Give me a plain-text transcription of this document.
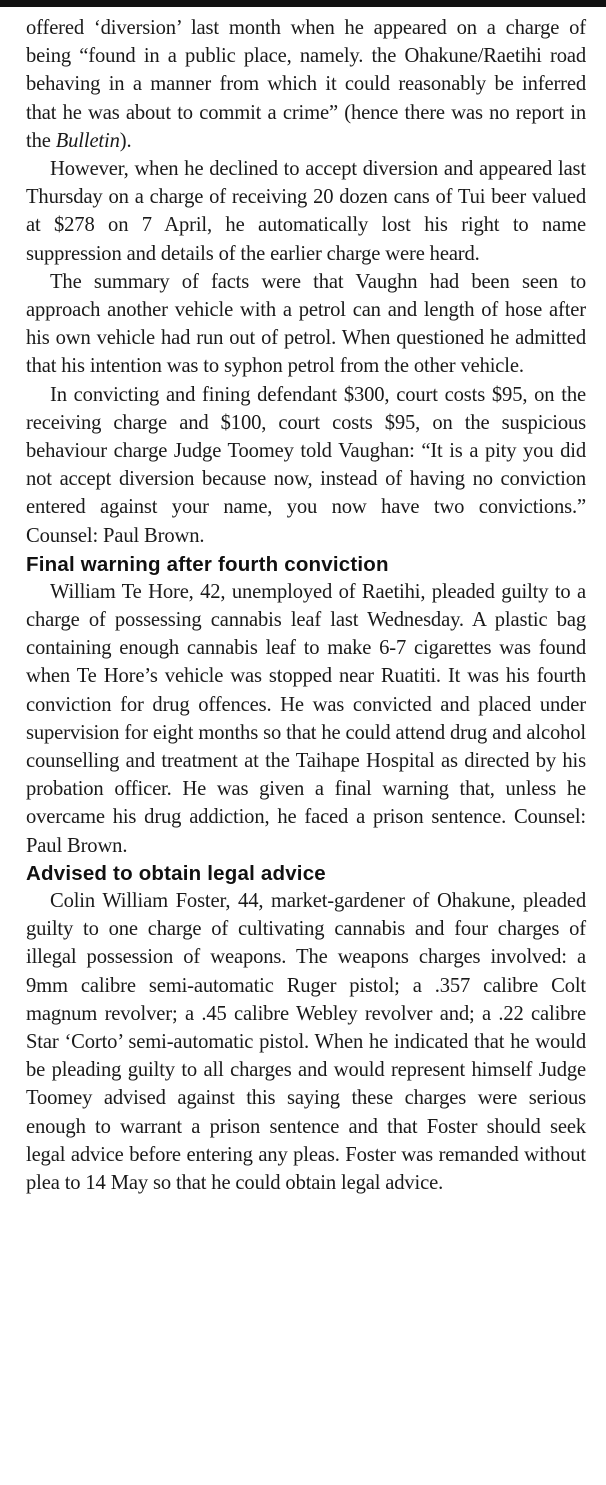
offered ‘diversion’ last month when he appeared on a charge of being “found in a public place, namely. the Ohakune/Raetihi road behaving in a manner from which it could reasonably be inferred that he was about to commit a crime” (hence there was no report in the Bulletin).

However, when he declined to accept diversion and appeared last Thursday on a charge of receiving 20 dozen cans of Tui beer valued at $278 on 7 April, he automatically lost his right to name suppression and details of the earlier charge were heard.

The summary of facts were that Vaughn had been seen to approach another vehicle with a petrol can and length of hose after his own vehicle had run out of petrol. When questioned he admitted that his intention was to syphon petrol from the other vehicle.

In convicting and fining defendant $300, court costs $95, on the receiving charge and $100, court costs $95, on the suspicious behaviour charge Judge Toomey told Vaughan: “It is a pity you did not accept diversion because now, instead of having no conviction entered against your name, you now have two convictions.” Counsel: Paul Brown.

Final warning after fourth conviction

William Te Hore, 42, unemployed of Raetihi, pleaded guilty to a charge of possessing cannabis leaf last Wednesday. A plastic bag containing enough cannabis leaf to make 6-7 cigarettes was found when Te Hore’s vehicle was stopped near Ruatiti. It was his fourth conviction for drug offences. He was convicted and placed under supervision for eight months so that he could attend drug and alcohol counselling and treatment at the Taihape Hospital as directed by his probation officer. He was given a final warning that, unless he overcame his drug addiction, he faced a prison sentence. Counsel: Paul Brown.

Advised to obtain legal advice

Colin William Foster, 44, market-gardener of Ohakune, pleaded guilty to one charge of cultivating cannabis and four charges of illegal possession of weapons. The weapons charges involved: a 9mm calibre semi-automatic Ruger pistol; a .357 calibre Colt magnum revolver; a .45 calibre Webley revolver and; a .22 calibre Star ‘Corto’ semi-automatic pistol. When he indicated that he would be pleading guilty to all charges and would represent himself Judge Toomey advised against this saying these charges were serious enough to warrant a prison sentence and that Foster should seek legal advice before entering any pleas. Foster was remanded without plea to 14 May so that he could obtain legal advice.
